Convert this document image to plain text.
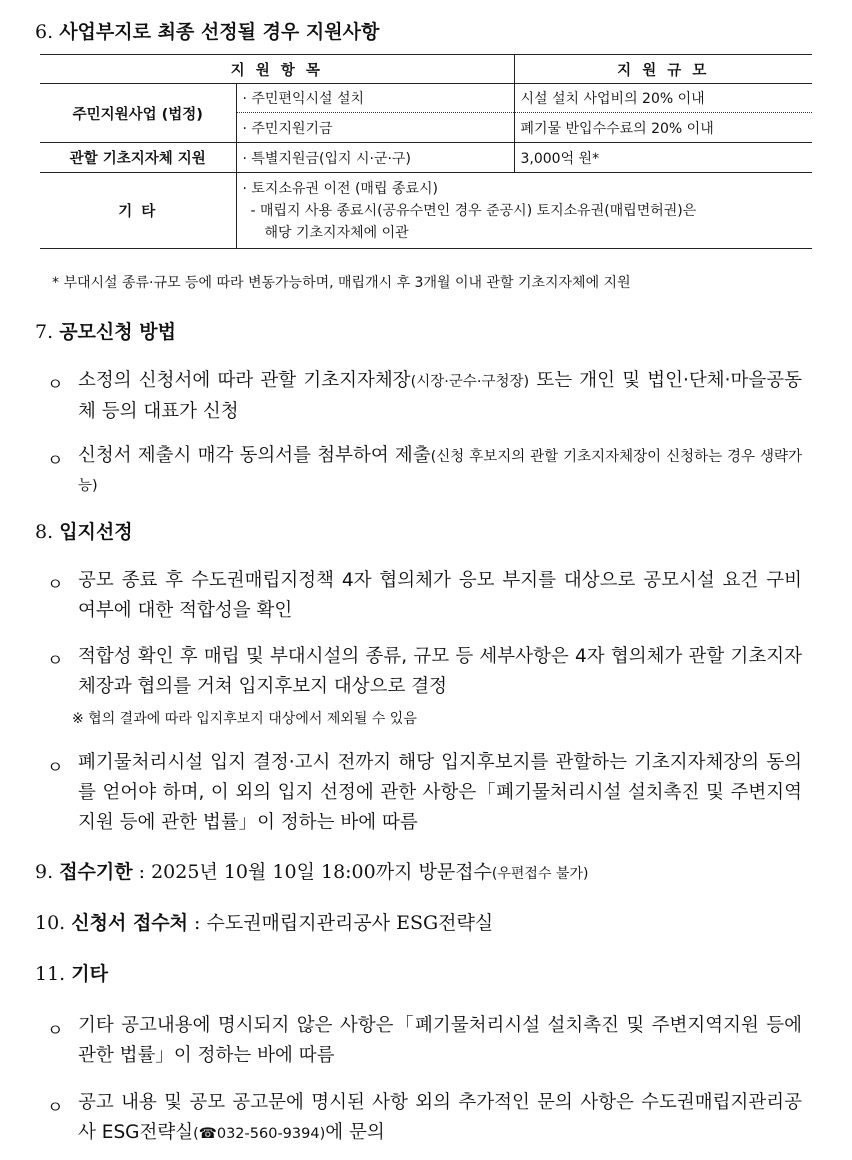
6. 사업부지로 최종 선정될 경우 지원사항
지 원 항 목		지 원 규 모
주민지원사업 (법정)	· 주민편익시설 설치	시설 설치 사업비의 20% 이내
	· 주민지원기금	폐기물 반입수수료의 20% 이내
관할 기초지자체 지원	· 특별지원금(입지 시·군·구)	3,000억 원*
기 타	· 토지소유권 이전 (매립 종료시)
- 매립지 사용 종료시(공유수면인 경우 준공시) 토지소유권(매립면허권)은
해당 기초지자체에 이관	
* 부대시설 종류·규모 등에 따라 변동가능하며, 매립개시 후 3개월 이내 관할 기초지자체에 지원
7. 공모신청 방법
ㅇ 소정의 신청서에 따라 관할 기초지자체장(시장·군수·구청장) 또는 개인 및 법인·단체·마을공동체 등의 대표가 신청
ㅇ 신청서 제출시 매각 동의서를 첨부하여 제출(신청 후보지의 관할 기초지자체장이 신청하는 경우 생략가능)
8. 입지선정
ㅇ 공모 종료 후 수도권매립지정책 4자 협의체가 응모 부지를 대상으로 공모시설 요건 구비 여부에 대한 적합성을 확인
ㅇ 적합성 확인 후 매립 및 부대시설의 종류, 규모 등 세부사항은 4자 협의체가 관할 기초지자체장과 협의를 거쳐 입지후보지 대상으로 결정
※ 협의 결과에 따라 입지후보지 대상에서 제외될 수 있음
ㅇ 폐기물처리시설 입지 결정·고시 전까지 해당 입지후보지를 관할하는 기초지자체장의 동의를 얻어야 하며, 이 외의 입지 선정에 관한 사항은「폐기물처리시설 설치촉진 및 주변지역지원 등에 관한 법률」이 정하는 바에 따름
9. 접수기한 : 2025년 10월 10일 18:00까지 방문접수(우편접수 불가)
10. 신청서 접수처 : 수도권매립지관리공사 ESG전략실
11. 기타
ㅇ 기타 공고내용에 명시되지 않은 사항은「폐기물처리시설 설치촉진 및 주변지역지원 등에 관한 법률」이 정하는 바에 따름
ㅇ 공고 내용 및 공모 공고문에 명시된 사항 외의 추가적인 문의 사항은 수도권매립지관리공사 ESG전략실(☎032-560-9394)에 문의
